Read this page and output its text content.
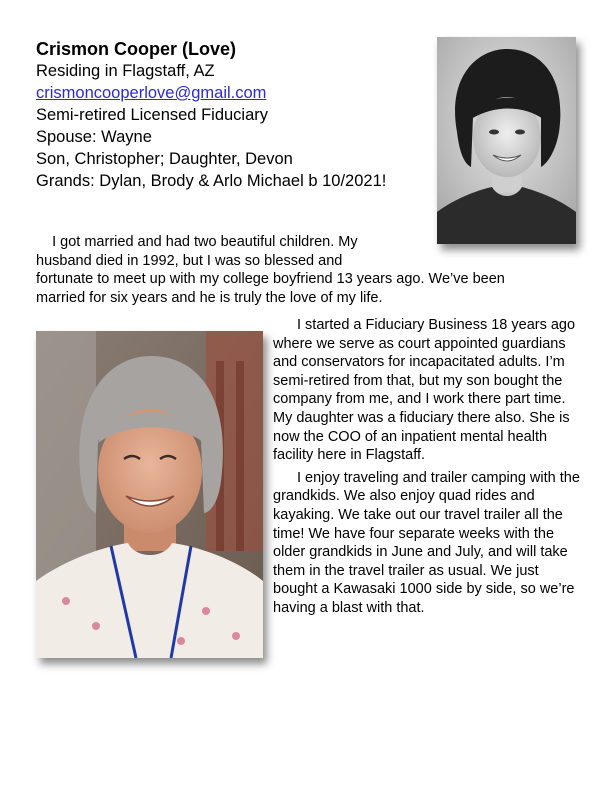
Crismon Cooper (Love)
Residing in Flagstaff, AZ
crismoncooperlove@gmail.com
Semi-retired Licensed Fiduciary
Spouse: Wayne
Son, Christopher; Daughter, Devon
Grands: Dylan, Brody & Arlo Michael b 10/2021!
I got married and had two beautiful children. My
husband died in 1992, but I was so blessed and
fortunate to meet up with my college boyfriend 13 years ago. We’ve been
married for six years and he is truly the love of my life.

I started a Fiduciary Business 18 years ago where we serve as court appointed guardians and conservators for incapacitated adults. I’m semi-retired from that, but my son bought the company from me, and I work there part time. My daughter was a fiduciary there also. She is now the COO of an inpatient mental health facility here in Flagstaff.

I enjoy traveling and trailer camping with the grandkids. We also enjoy quad rides and kayaking. We take out our travel trailer all the time! We have four separate weeks with the older grandkids in June and July, and will take them in the travel trailer as usual. We just bought a Kawasaki 1000 side by side, so we’re having a blast with that.
